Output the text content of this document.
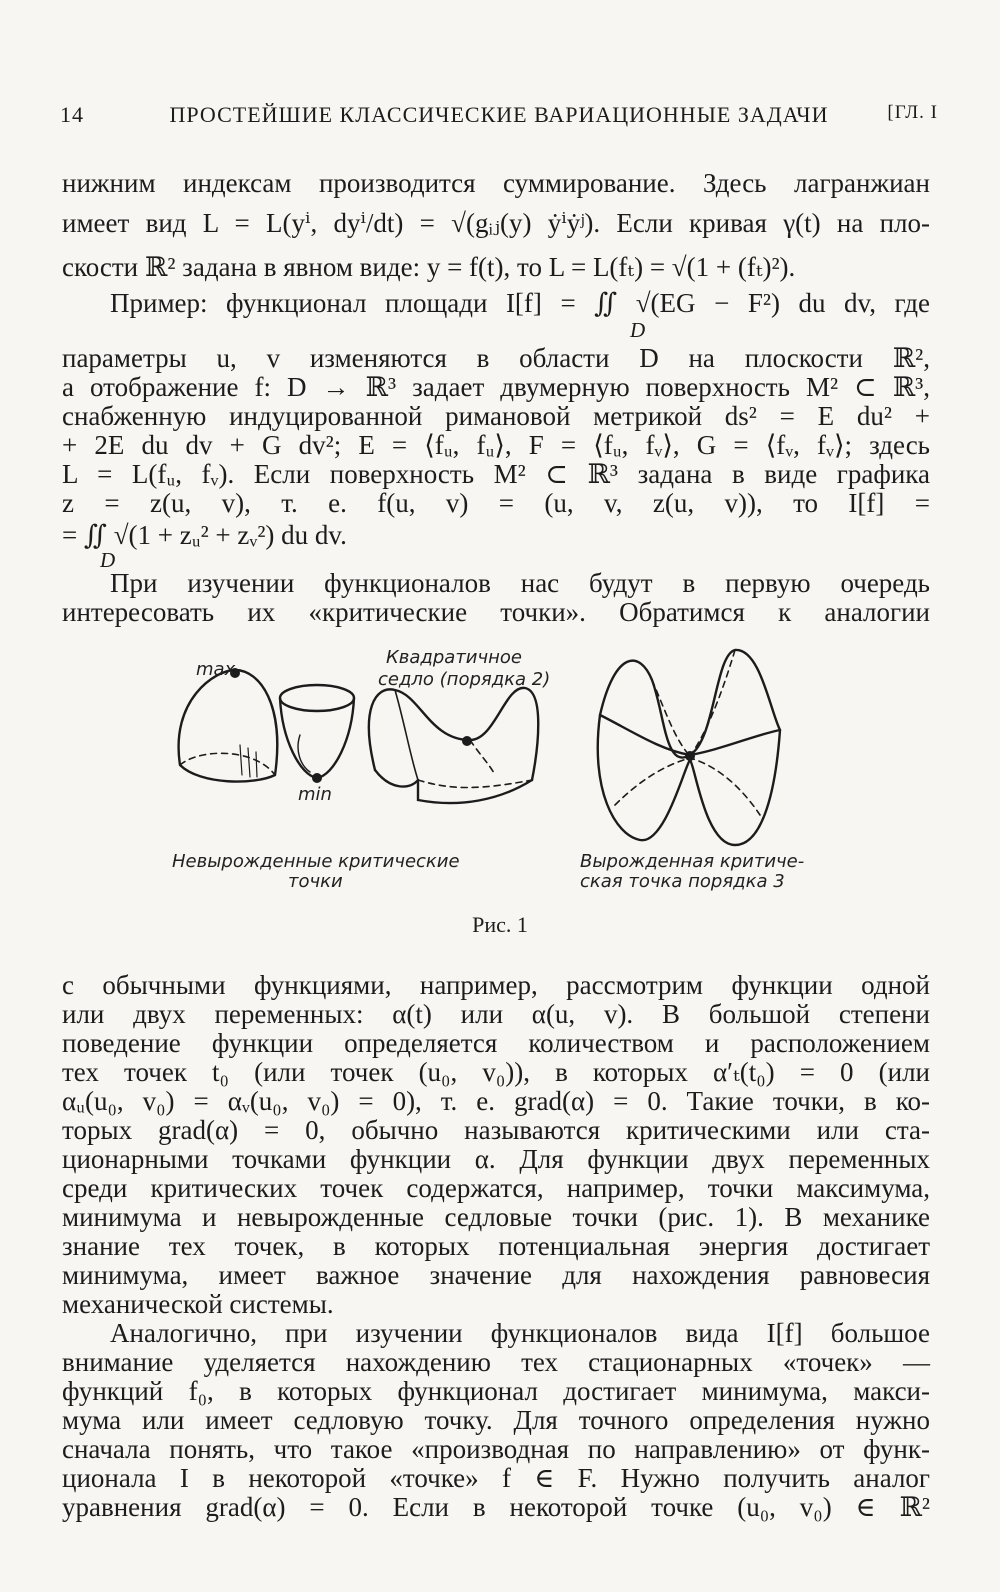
14	ПРОСТЕЙШИЕ КЛАССИЧЕСКИЕ ВАРИАЦИОННЫЕ ЗАДАЧИ	[ГЛ. I
нижним индексам производится суммирование. Здесь лагранжиан
имеет вид L = L(yⁱ, dyⁱ/dt) = √(gᵢⱼ(y) ẏⁱẏʲ). Если кривая γ(t) на пло-
скости ℝ² задана в явном виде: y = f(t), то L = L(fₜ) = √(1 + (fₜ)²).
Пример: функционал площади I[f] = ∬ √(EG − F²) du dv, где
D
параметры u, v изменяются в области D на плоскости ℝ²,
а отображение f: D → ℝ³ задает двумерную поверхность M² ⊂ ℝ³,
снабженную индуцированной римановой метрикой ds² = E du² +
+ 2E du dv + G dv²; E = ⟨fᵤ, fᵤ⟩, F = ⟨fᵤ, fᵥ⟩, G = ⟨fᵥ, fᵥ⟩; здесь
L = L(fᵤ, fᵥ). Если поверхность M² ⊂ ℝ³ задана в виде графика
z = z(u, v), т. е. f(u, v) = (u, v, z(u, v)), то I[f] =
= ∬ √(1 + zᵤ² + zᵥ²) du dv.
D
При изучении функционалов нас будут в первую очередь
интересовать их «критические точки». Обратимся к аналогии
max
min
Квадратичное
седло (порядка 2)
Невырожденные критические
точки
Вырожденная критиче-
ская точка порядка 3
Рис. 1
с обычными функциями, например, рассмотрим функции одной
или двух переменных: α(t) или α(u, v). В большой степени
поведение функции определяется количеством и расположением
тех точек t₀ (или точек (u₀, v₀)), в которых α′ₜ(t₀) = 0 (или
αᵤ(u₀, v₀) = αᵥ(u₀, v₀) = 0), т. е. grad(α) = 0. Такие точки, в ко-
торых grad(α) = 0, обычно называются критическими или ста-
ционарными точками функции α. Для функции двух переменных
среди критических точек содержатся, например, точки максимума,
минимума и невырожденные седловые точки (рис. 1). В механике
знание тех точек, в которых потенциальная энергия достигает
минимума, имеет важное значение для нахождения равновесия
механической системы.
Аналогично, при изучении функционалов вида I[f] большое
внимание уделяется нахождению тех стационарных «точек» —
функций f₀, в которых функционал достигает минимума, макси-
мума или имеет седловую точку. Для точного определения нужно
сначала понять, что такое «производная по направлению» от функ-
ционала I в некоторой «точке» f ∈ F. Нужно получить аналог
уравнения grad(α) = 0. Если в некоторой точке (u₀, v₀) ∈ ℝ²
